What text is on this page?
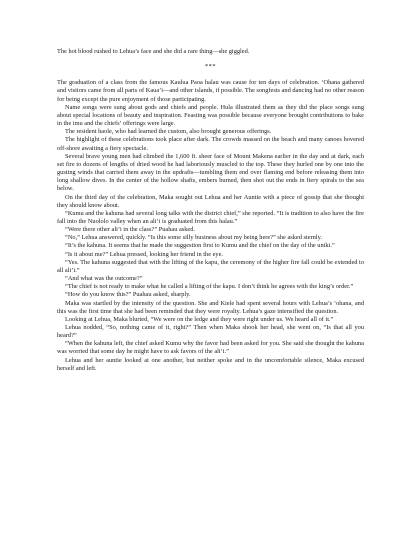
The hot blood rushed to Lehua’s face and she did a rare thing—she giggled.

***

The graduation of a class from the famous Kaulua Paoa halau was cause for ten days of celebration. ‘Ohana gathered and visitors came from all parts of Kaua’i—and other islands, if possible. The songfests and dancing had no other reason for being except the pure enjoyment of those participating.

Name songs were sung about gods and chiefs and people. Hula illustrated them as they did the place songs sung about special locations of beauty and inspiration. Feasting was possible because everyone brought contributions to bake in the imu and the chiefs’ offerings were large.

The resident haole, who had learned the custom, also brought generous offerings.

The highlight of these celebrations took place after dark. The crowds massed on the beach and many canoes hovered off-shore awaiting a fiery spectacle.

Several brave young men had climbed the 1,600 ft. sheer face of Mount Makena earlier in the day and at dark, each set fire to dozens of lengths of dried wood he had laboriously muscled to the top. These they hurled one by one into the gusting winds that carried them away in the updrafts—tumbling them end over flaming end before releasing them into long shallow dives. In the center of the hollow shafts, embers burned, then shot out the ends in fiery spirals to the sea below.

On the third day of the celebration, Maka sought out Lehua and her Auntie with a piece of gossip that she thought they should know about.

“Kumu and the kahuna had several long talks with the district chief,” she reported. “It is tradition to also have the fire fall into the Nuololo valley when an ali’i is graduated from this halau.”

“Were there other ali’i in the class?” Puahau asked.

“No,” Lehua answered, quickly. “Is this some silly business about my being here?” she asked sternly.

“It’s the kahuna. It seems that he made the suggestion first to Kumu and the chief on the day of the uniki.”

“Is it about me?” Lehua pressed, looking her friend in the eye.

“Yes. The kahuna suggested that with the lifting of the kapu, the ceremony of the higher fire fall could be extended to all ali’i.”

“And what was the outcome?”

“The chief is not ready to make what he called a lifting of the kapu. I don’t think he agrees with the king’s order.”

“How do you know this?” Puahau asked, sharply.

Maka was startled by the intensity of the question. She and Kiele had spent several hours with Lehua’s ‘ohana, and this was the first time that she had been reminded that they were royalty. Lehua’s gaze intensified the question.

Looking at Lehua, Maka blurted, “We were on the ledge and they were right under us. We heard all of it.”

Lehua nodded, “So, nothing came of it, right?” Then when Maka shook her head, she went on, “Is that all you heard?”

“When the kahuna left, the chief asked Kumu why the favor had been asked for you. She said she thought the kahuna was worried that some day he might have to ask favors of the ali’i.”

Lehua and her auntie looked at one another, but neither spoke and in the uncomfortable silence, Maka excused herself and left.
